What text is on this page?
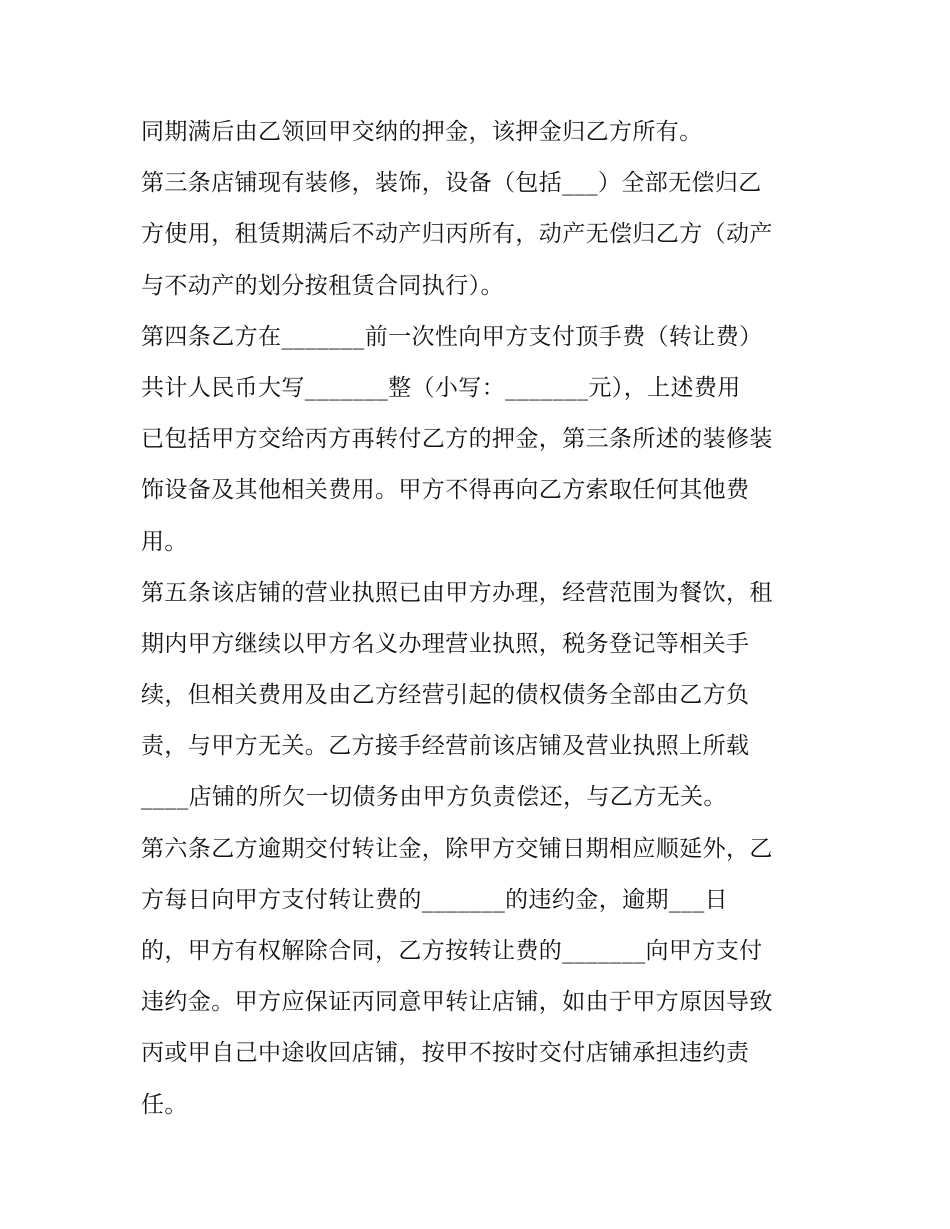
同期满后由乙领回甲交纳的押金，该押金归乙方所有。
第三条店铺现有装修，装饰，设备（包括___）全部无偿归乙
方使用，租赁期满后不动产归丙所有，动产无偿归乙方（动产
与不动产的划分按租赁合同执行）。
第四条乙方在_______前一次性向甲方支付顶手费（转让费）
共计人民币大写_______整（小写：_______元），上述费用
已包括甲方交给丙方再转付乙方的押金，第三条所述的装修装
饰设备及其他相关费用。甲方不得再向乙方索取任何其他费
用。
第五条该店铺的营业执照已由甲方办理，经营范围为餐饮，租
期内甲方继续以甲方名义办理营业执照，税务登记等相关手
续，但相关费用及由乙方经营引起的债权债务全部由乙方负
责，与甲方无关。乙方接手经营前该店铺及营业执照上所载
____店铺的所欠一切债务由甲方负责偿还，与乙方无关。
第六条乙方逾期交付转让金，除甲方交铺日期相应顺延外，乙
方每日向甲方支付转让费的_______的违约金，逾期___日
的，甲方有权解除合同，乙方按转让费的_______向甲方支付
违约金。甲方应保证丙同意甲转让店铺，如由于甲方原因导致
丙或甲自己中途收回店铺，按甲不按时交付店铺承担违约责
任。
